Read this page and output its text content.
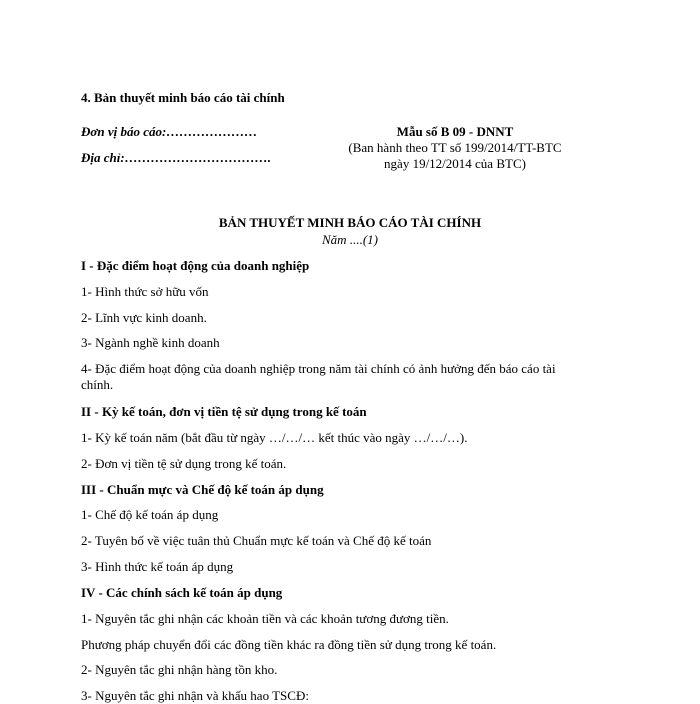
4. Bản thuyết minh báo cáo tài chính
Đơn vị báo cáo:…………………
Địa chỉ:…………………………….
Mẫu số B 09 - DNNT
(Ban hành theo TT số 199/2014/TT-BTC
ngày 19/12/2014 của BTC)
BẢN THUYẾT MINH BÁO CÁO TÀI CHÍNH
Năm ....(1)
I - Đặc điểm hoạt động của doanh nghiệp
1- Hình thức sở hữu vốn
2- Lĩnh vực kinh doanh.
3- Ngành nghề kinh doanh
4- Đặc điểm hoạt động của doanh nghiệp trong năm tài chính có ảnh hưởng đến báo cáo tài
chính.
II - Kỳ kế toán, đơn vị tiền tệ sử dụng trong kế toán
1- Kỳ kế toán năm (bắt đầu từ ngày …/…/… kết thúc vào ngày …/…/…).
2- Đơn vị tiền tệ sử dụng trong kế toán.
III - Chuẩn mực và Chế độ kế toán áp dụng
1- Chế độ kế toán áp dụng
2- Tuyên bố về việc tuân thủ Chuẩn mực kế toán và Chế độ kế toán
3- Hình thức kế toán áp dụng
IV - Các chính sách kế toán áp dụng
1- Nguyên tắc ghi nhận các khoản tiền và các khoản tương đương tiền.
Phương pháp chuyển đổi các đồng tiền khác ra đồng tiền sử dụng trong kế toán.
2- Nguyên tắc ghi nhận hàng tồn kho.
3- Nguyên tắc ghi nhận và khấu hao TSCĐ:
